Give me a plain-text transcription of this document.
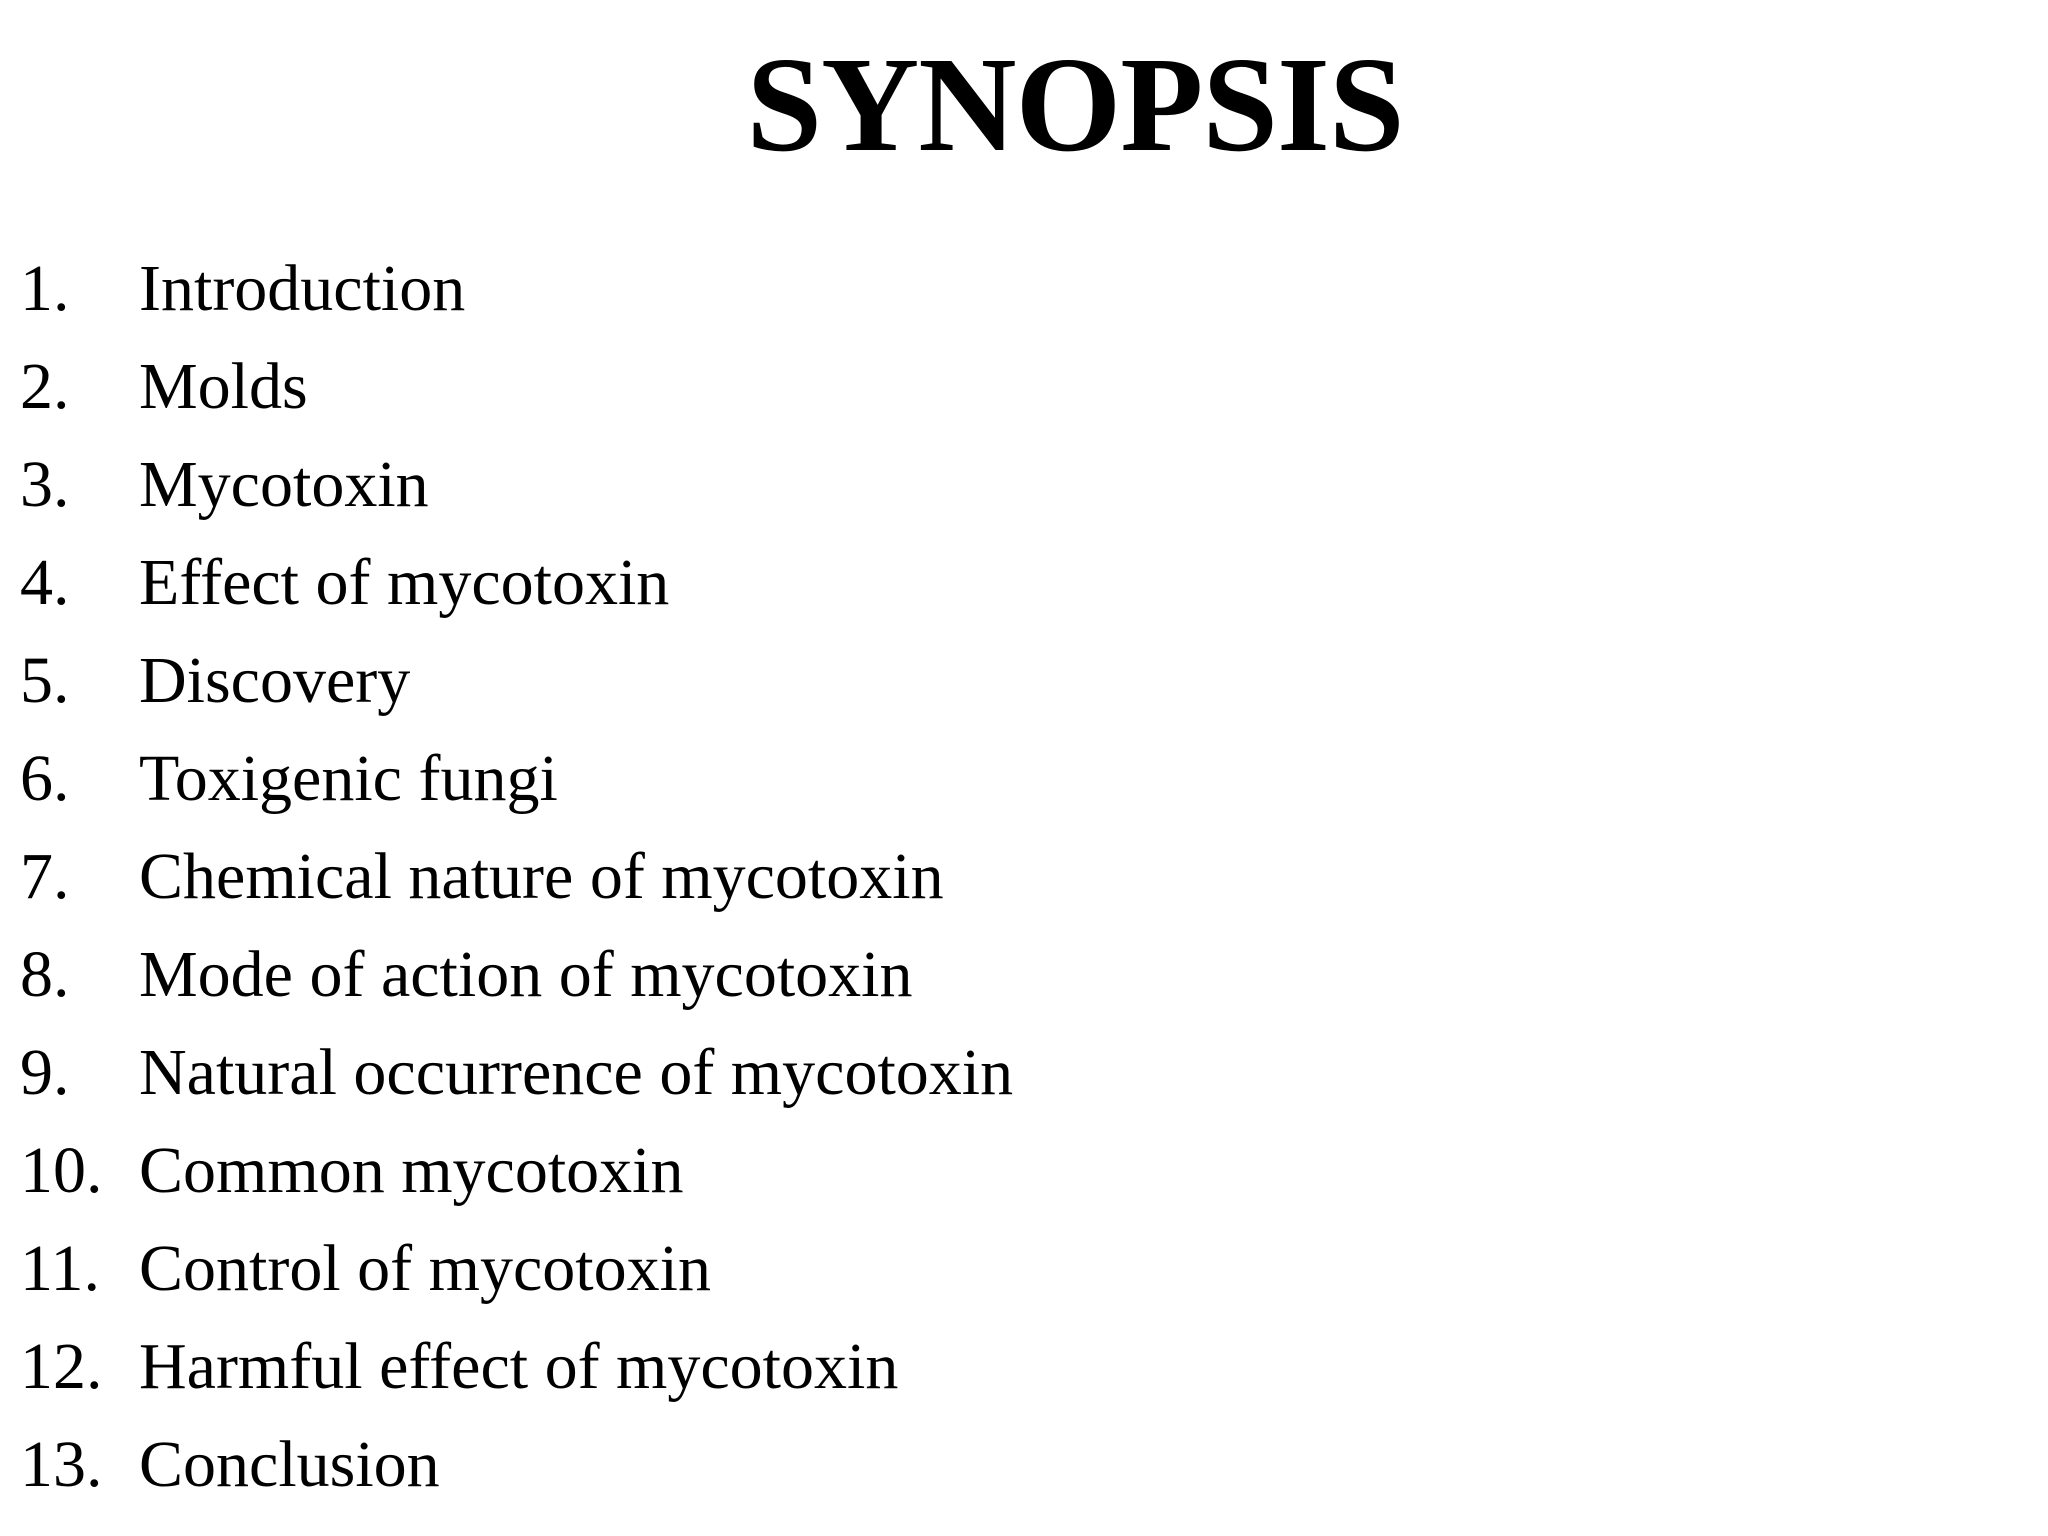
SYNOPSIS
1. Introduction
2. Molds
3. Mycotoxin
4. Effect of mycotoxin
5. Discovery
6. Toxigenic fungi
7. Chemical nature of mycotoxin
8. Mode of action of mycotoxin
9. Natural occurrence of mycotoxin
10. Common mycotoxin
11. Control of mycotoxin
12. Harmful effect of mycotoxin
13. Conclusion
